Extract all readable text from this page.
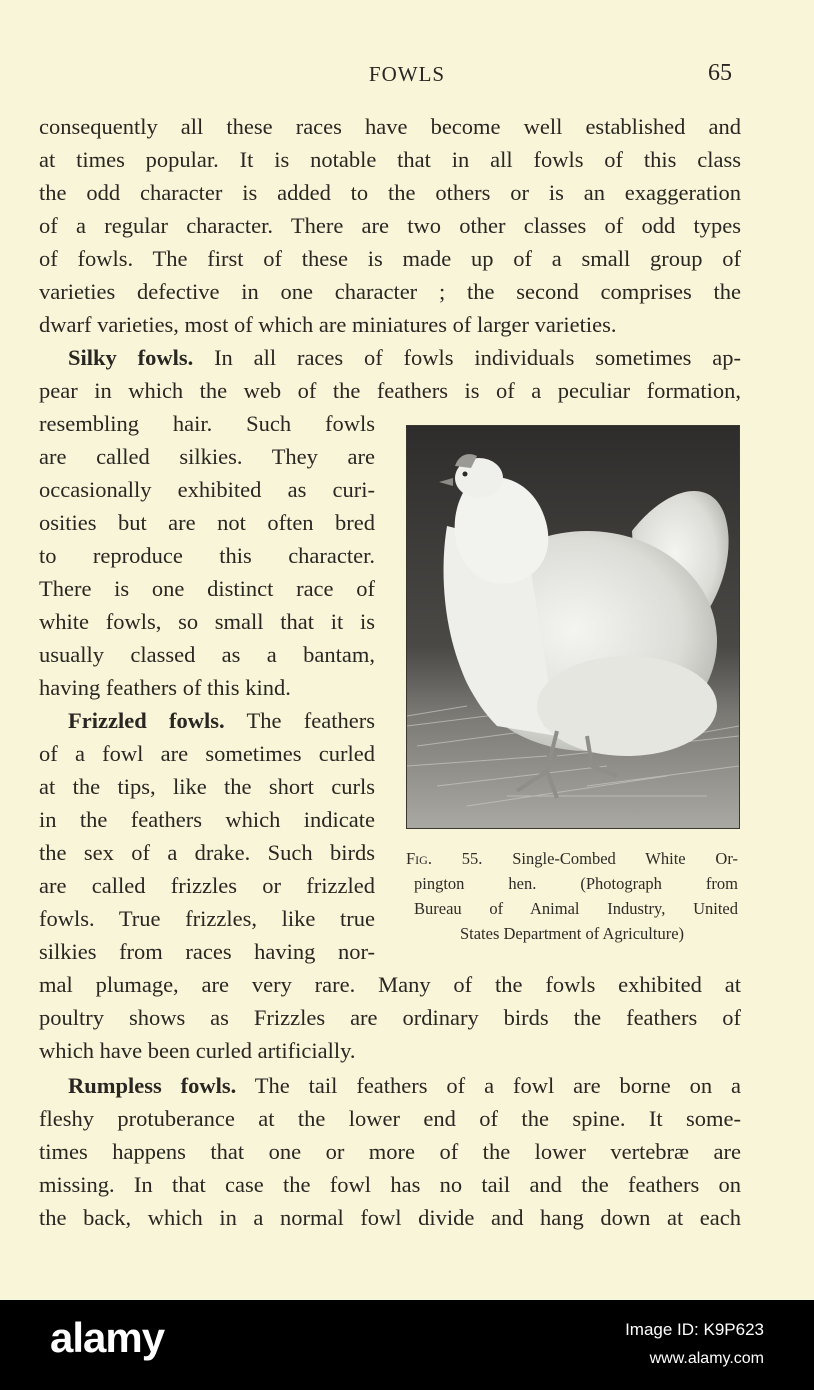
FOWLS	65
consequently all these races have become well established and
at times popular. It is notable that in all fowls of this class
the odd character is added to the others or is an exaggeration
of a regular character. There are two other classes of odd types
of fowls. The first of these is made up of a small group of
varieties defective in one character ; the second comprises the
dwarf varieties, most of which are miniatures of larger varieties.
Silky fowls. In all races of fowls individuals sometimes ap-
pear in which the web of the feathers is of a peculiar formation,
resembling hair. Such fowls
are called silkies. They are
occasionally exhibited as curi-
osities but are not often bred
to reproduce this character.
There is one distinct race of
white fowls, so small that it is
usually classed as a bantam,
having feathers of this kind.
Frizzled fowls. The feathers
of a fowl are sometimes curled
at the tips, like the short curls
in the feathers which indicate
the sex of a drake. Such birds
are called frizzles or frizzled
fowls. True frizzles, like true
silkies from races having nor-
mal plumage, are very rare. Many of the fowls exhibited at
poultry shows as Frizzles are ordinary birds the feathers of
which have been curled artificially.
Rumpless fowls. The tail feathers of a fowl are borne on a
fleshy protuberance at the lower end of the spine. It some-
times happens that one or more of the lower vertebræ are
missing. In that case the fowl has no tail and the feathers on
the back, which in a normal fowl divide and hang down at each
Fig. 55. Single-Combed White Or-
pington hen. (Photograph from
Bureau of Animal Industry, United
States Department of Agriculture)
alamy	Image ID: K9P623
www.alamy.com
